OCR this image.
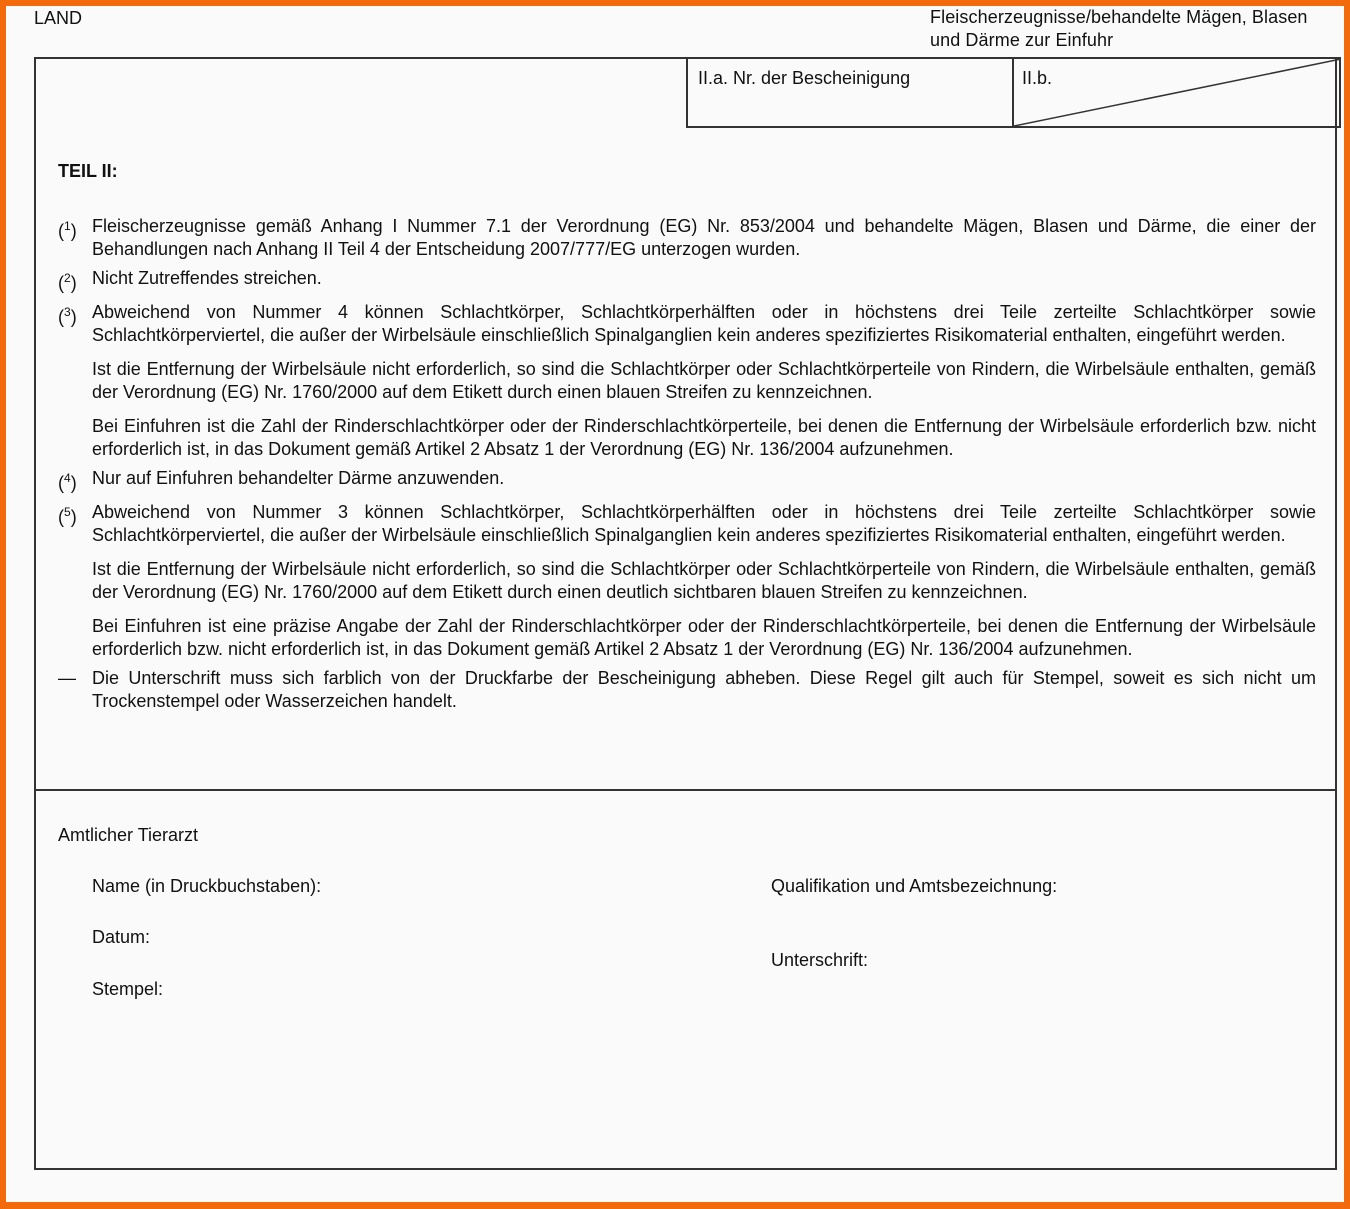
LAND	Fleischerzeugnisse/behandelte Mägen, Blasen
und Därme zur Einfuhr
II.a. Nr. der Bescheinigung	II.b.
TEIL II:
($^1$) Fleischerzeugnisse gemäß Anhang I Nummer 7.1 der Verordnung (EG) Nr. 853/2004 und behandelte Mägen, Blasen und Därme, die einer der Behandlungen nach Anhang II Teil 4 der Entscheidung 2007/777/EG unterzogen wurden.

($^2$) Nicht Zutreffendes streichen.

($^3$) Abweichend von Nummer 4 können Schlachtkörper, Schlachtkörperhälften oder in höchstens drei Teile zerteilte Schlachtkörper sowie Schlachtkörperviertel, die außer der Wirbelsäule einschließlich Spinalganglien kein anderes spezifiziertes Risikomaterial enthalten, eingeführt werden.

Ist die Entfernung der Wirbelsäule nicht erforderlich, so sind die Schlachtkörper oder Schlachtkörperteile von Rindern, die Wirbelsäule enthalten, gemäß der Verordnung (EG) Nr. 1760/2000 auf dem Etikett durch einen blauen Streifen zu kennzeichnen.

Bei Einfuhren ist die Zahl der Rinderschlachtkörper oder der Rinderschlachtkörperteile, bei denen die Entfernung der Wirbelsäule erforderlich bzw. nicht erforderlich ist, in das Dokument gemäß Artikel 2 Absatz 1 der Verordnung (EG) Nr. 136/2004 aufzunehmen.

($^4$) Nur auf Einfuhren behandelter Därme anzuwenden.

($^5$) Abweichend von Nummer 3 können Schlachtkörper, Schlachtkörperhälften oder in höchstens drei Teile zerteilte Schlachtkörper sowie Schlachtkörperviertel, die außer der Wirbelsäule einschließlich Spinalganglien kein anderes spezifiziertes Risikomaterial enthalten, eingeführt werden.

Ist die Entfernung der Wirbelsäule nicht erforderlich, so sind die Schlachtkörper oder Schlachtkörperteile von Rindern, die Wirbelsäule enthalten, gemäß der Verordnung (EG) Nr. 1760/2000 auf dem Etikett durch einen deutlich sichtbaren blauen Streifen zu kennzeichnen.

Bei Einfuhren ist eine präzise Angabe der Zahl der Rinderschlachtkörper oder der Rinderschlachtkörperteile, bei denen die Entfernung der Wirbelsäule erforderlich bzw. nicht erforderlich ist, in das Dokument gemäß Artikel 2 Absatz 1 der Verordnung (EG) Nr. 136/2004 aufzunehmen.

— Die Unterschrift muss sich farblich von der Druckfarbe der Bescheinigung abheben. Diese Regel gilt auch für Stempel, soweit es sich nicht um Trockenstempel oder Wasserzeichen handelt.

Amtlicher Tierarzt
Name (in Druckbuchstaben):
Datum:
Stempel:
Qualifikation und Amtsbezeichnung:
Unterschrift:
